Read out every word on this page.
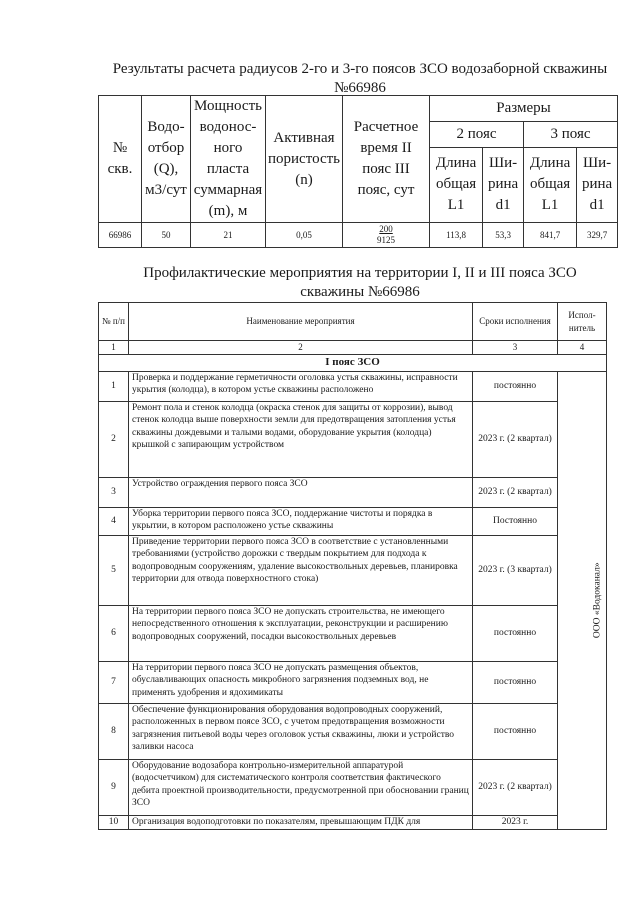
Результаты расчета радиусов 2-го и 3-го поясов ЗСО водозаборной скважины
№66986
№ скв.	Водо-отбор (Q), м3/сут	Мощность водонос-ного пласта суммарная (m), м	Активная пористость (n)	Расчетное время II пояс III пояс, сут	Размеры			
					2 пояс		3 пояс	
					Длина общая L1	Ши-рина d1	Длина общая L1	Ши-рина d1
66986	50	21	0,05	$\frac{200}{9125}$	113,8	53,3	841,7	329,7
Профилактические мероприятия на территории I, II и III пояса ЗСО
скважины №66986
№ п/п	Наименование мероприятия	Сроки исполнения	Испол-нитель
1	2	3	4
I пояс ЗСО			
1	Проверка и поддержание герметичности оголовка устья скважины, исправности укрытия (колодца), в котором устье скважины расположено	постоянно	ООО «Водоканал»
2	Ремонт пола и стенок колодца (окраска стенок для защиты от коррозии), вывод стенок колодца выше поверхности земли для предотвращения затопления устья скважины дождевыми и талыми водами, оборудование укрытия (колодца) крышкой с запирающим устройством	2023 г. (2 квартал)	
3	Устройство ограждения первого пояса ЗСО	2023 г. (2 квартал)	
4	Уборка территории первого пояса ЗСО, поддержание чистоты и порядка в укрытии, в котором расположено устье скважины	Постоянно	
5	Приведение территории первого пояса ЗСО в соответствие с установленными требованиями (устройство дорожки с твердым покрытием для подхода к водопроводным сооружениям, удаление высокоствольных деревьев, планировка территории для отвода поверхностного стока)	2023 г. (3 квартал)	
6	На территории первого пояса ЗСО не допускать строительства, не имеющего непосредственного отношения к эксплуатации, реконструкции и расширению водопроводных сооружений, посадки высокоствольных деревьев	постоянно	
7	На территории первого пояса ЗСО не допускать размещения объектов, обуславливающих опасность микробного загрязнения подземных вод, не применять удобрения и ядохимикаты	постоянно	
8	Обеспечение функционирования оборудования водопроводных сооружений, расположенных в первом поясе ЗСО, с учетом предотвращения возможности загрязнения питьевой воды через оголовок устья скважины, люки и устройство заливки насоса	постоянно	
9	Оборудование водозабора контрольно-измерительной аппаратурой (водосчетчиком) для систематического контроля соответствия фактического дебита проектной производительности, предусмотренной при обосновании границ ЗСО	2023 г. (2 квартал)	
10	Организация водоподготовки по показателям, превышающим ПДК для	2023 г.	
